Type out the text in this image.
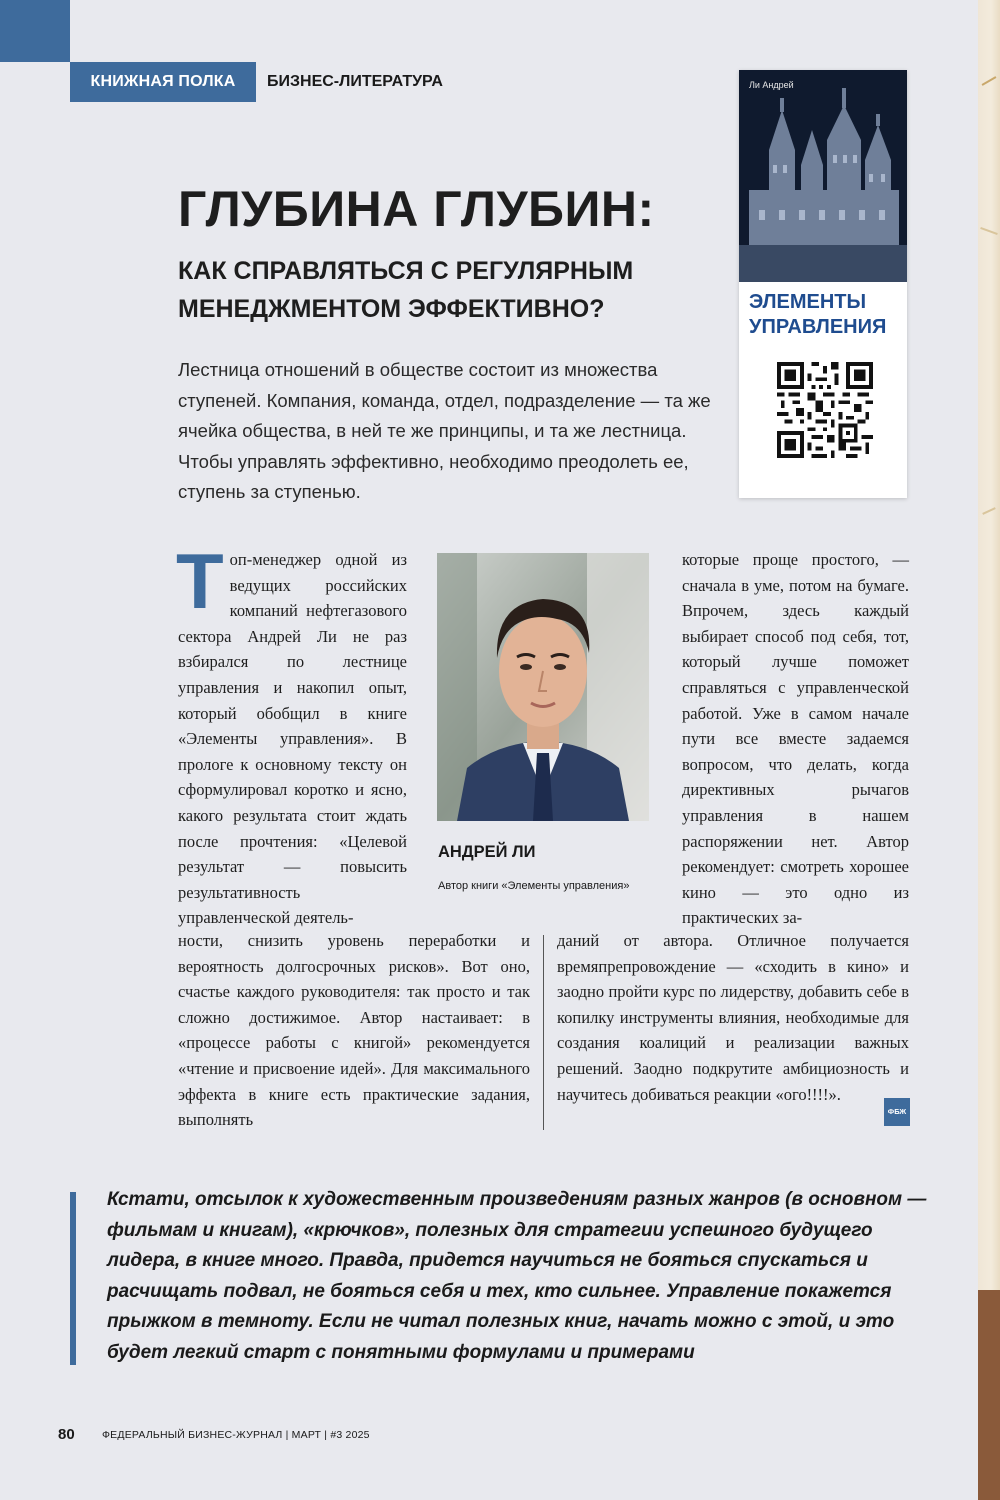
КНИЖНАЯ ПОЛКА	БИЗНЕС-ЛИТЕРАТУРА
ГЛУБИНА ГЛУБИН:
КАК СПРАВЛЯТЬСЯ С РЕГУЛЯРНЫМ МЕНЕДЖМЕНТОМ ЭФФЕКТИВНО?

Лестница отношений в обществе состоит из множества ступеней. Компания, команда, отдел, подразделение — та же ячейка общества, в ней те же принципы, и та же лестница. Чтобы управлять эффективно, необходимо преодолеть ее, ступень за ступенью.

Ли Андрей
ЭЛЕМЕНТЫ
УПРАВЛЕНИЯ
Т оп-менеджер одной из ведущих российских компаний нефтегазового сектора Андрей Ли не раз взбирался по лестнице управления и накопил опыт, который обобщил в книге «Элементы управления». В прологе к основному тексту он сформулировал коротко и ясно, какого результата стоит ждать после прочтения: «Целевой результат — повысить результативность управленческой деятель-
АНДРЕЙ ЛИ
Автор книги «Элементы управления»
которые проще простого, — сначала в уме, потом на бумаге. Впрочем, здесь каждый выбирает способ под себя, тот, который лучше поможет справляться с управленческой работой. Уже в самом начале пути все вместе задаемся вопросом, что делать, когда директивных рычагов управления в нашем распоряжении нет. Автор рекомендует: смотреть хорошее кино — это одно из практических за-
ности, снизить уровень переработки и вероятность долгосрочных рисков». Вот оно, счастье каждого руководителя: так просто и так сложно достижимое. Автор настаивает: в «процессе работы с книгой» рекомендуется «чтение и присвоение идей». Для максимального эффекта в книге есть практические задания, выполнять
даний от автора. Отличное получается времяпрепровождение — «сходить в кино» и заодно пройти курс по лидерству, добавить себе в копилку инструменты влияния, необходимые для создания коалиций и реализации важных решений. Заодно подкрутите амбициозность и научитесь добиваться реакции «ого!!!!».
ФБЖ

Кстати, отсылок к художественным произведениям разных жанров (в основном — фильмам и книгам), «крючков», полезных для стратегии успешного будущего лидера, в книге много. Правда, придется научиться не бояться спускаться и расчищать подвал, не бояться себя и тех, кто сильнее. Управление покажется прыжком в темноту. Если не читал полезных книг, начать можно с этой, и это будет легкий старт с понятными формулами и примерами

80	ФЕДЕРАЛЬНЫЙ БИЗНЕС-ЖУРНАЛ | МАРТ | #3 2025
